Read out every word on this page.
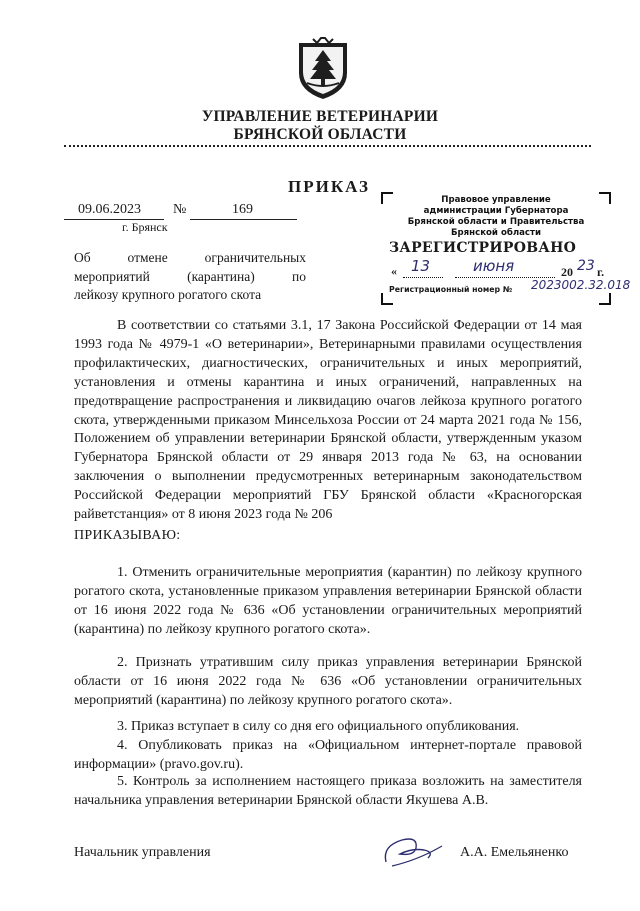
УПРАВЛЕНИЕ ВЕТЕРИНАРИИ
БРЯНСКОЙ ОБЛАСТИ
ПРИКАЗ
09.06.2023 №	169
г. Брянск
Об отмене ограничительных
мероприятий (карантина) по
лейкозу крупного рогатого скота
Правовое управление
администрации Губернатора
Брянской области и Правительства
Брянской области
ЗАРЕГИСТРИРОВАНО
« 13	июня	20 23 г.
Регистрационный номер № 2023002.32.018
В соответствии со статьями 3.1, 17 Закона Российской Федерации от 14 мая 1993 года № 4979-1 «О ветеринарии», Ветеринарными правилами осуществления профилактических, диагностических, ограничительных и иных мероприятий, установления и отмены карантина и иных ограничений, направленных на предотвращение распространения и ликвидацию очагов лейкоза крупного рогатого скота, утвержденными приказом Минсельхоза России от 24 марта 2021 года № 156, Положением об управлении ветеринарии Брянской области, утвержденным указом Губернатора Брянской области от 29 января 2013 года № 63, на основании заключения о выполнении предусмотренных ветеринарным законодательством Российской Федерации мероприятий ГБУ Брянской области «Красногорская райветстанция» от 8 июня 2023 года № 206
ПРИКАЗЫВАЮ:
1. Отменить ограничительные мероприятия (карантин) по лейкозу крупного рогатого скота, установленные приказом управления ветеринарии Брянской области от 16 июня 2022 года № 636 «Об установлении ограничительных мероприятий (карантина) по лейкозу крупного рогатого скота».
2. Признать утратившим силу приказ управления ветеринарии Брянской области от 16 июня 2022 года № 636 «Об установлении ограничительных мероприятий (карантина) по лейкозу крупного рогатого скота».
3. Приказ вступает в силу со дня его официального опубликования.
4. Опубликовать приказ на «Официальном интернет-портале правовой информации» (pravo.gov.ru).
5. Контроль за исполнением настоящего приказа возложить на заместителя начальника управления ветеринарии Брянской области Якушева А.В.
Начальник управления	А.А. Емельяненко
